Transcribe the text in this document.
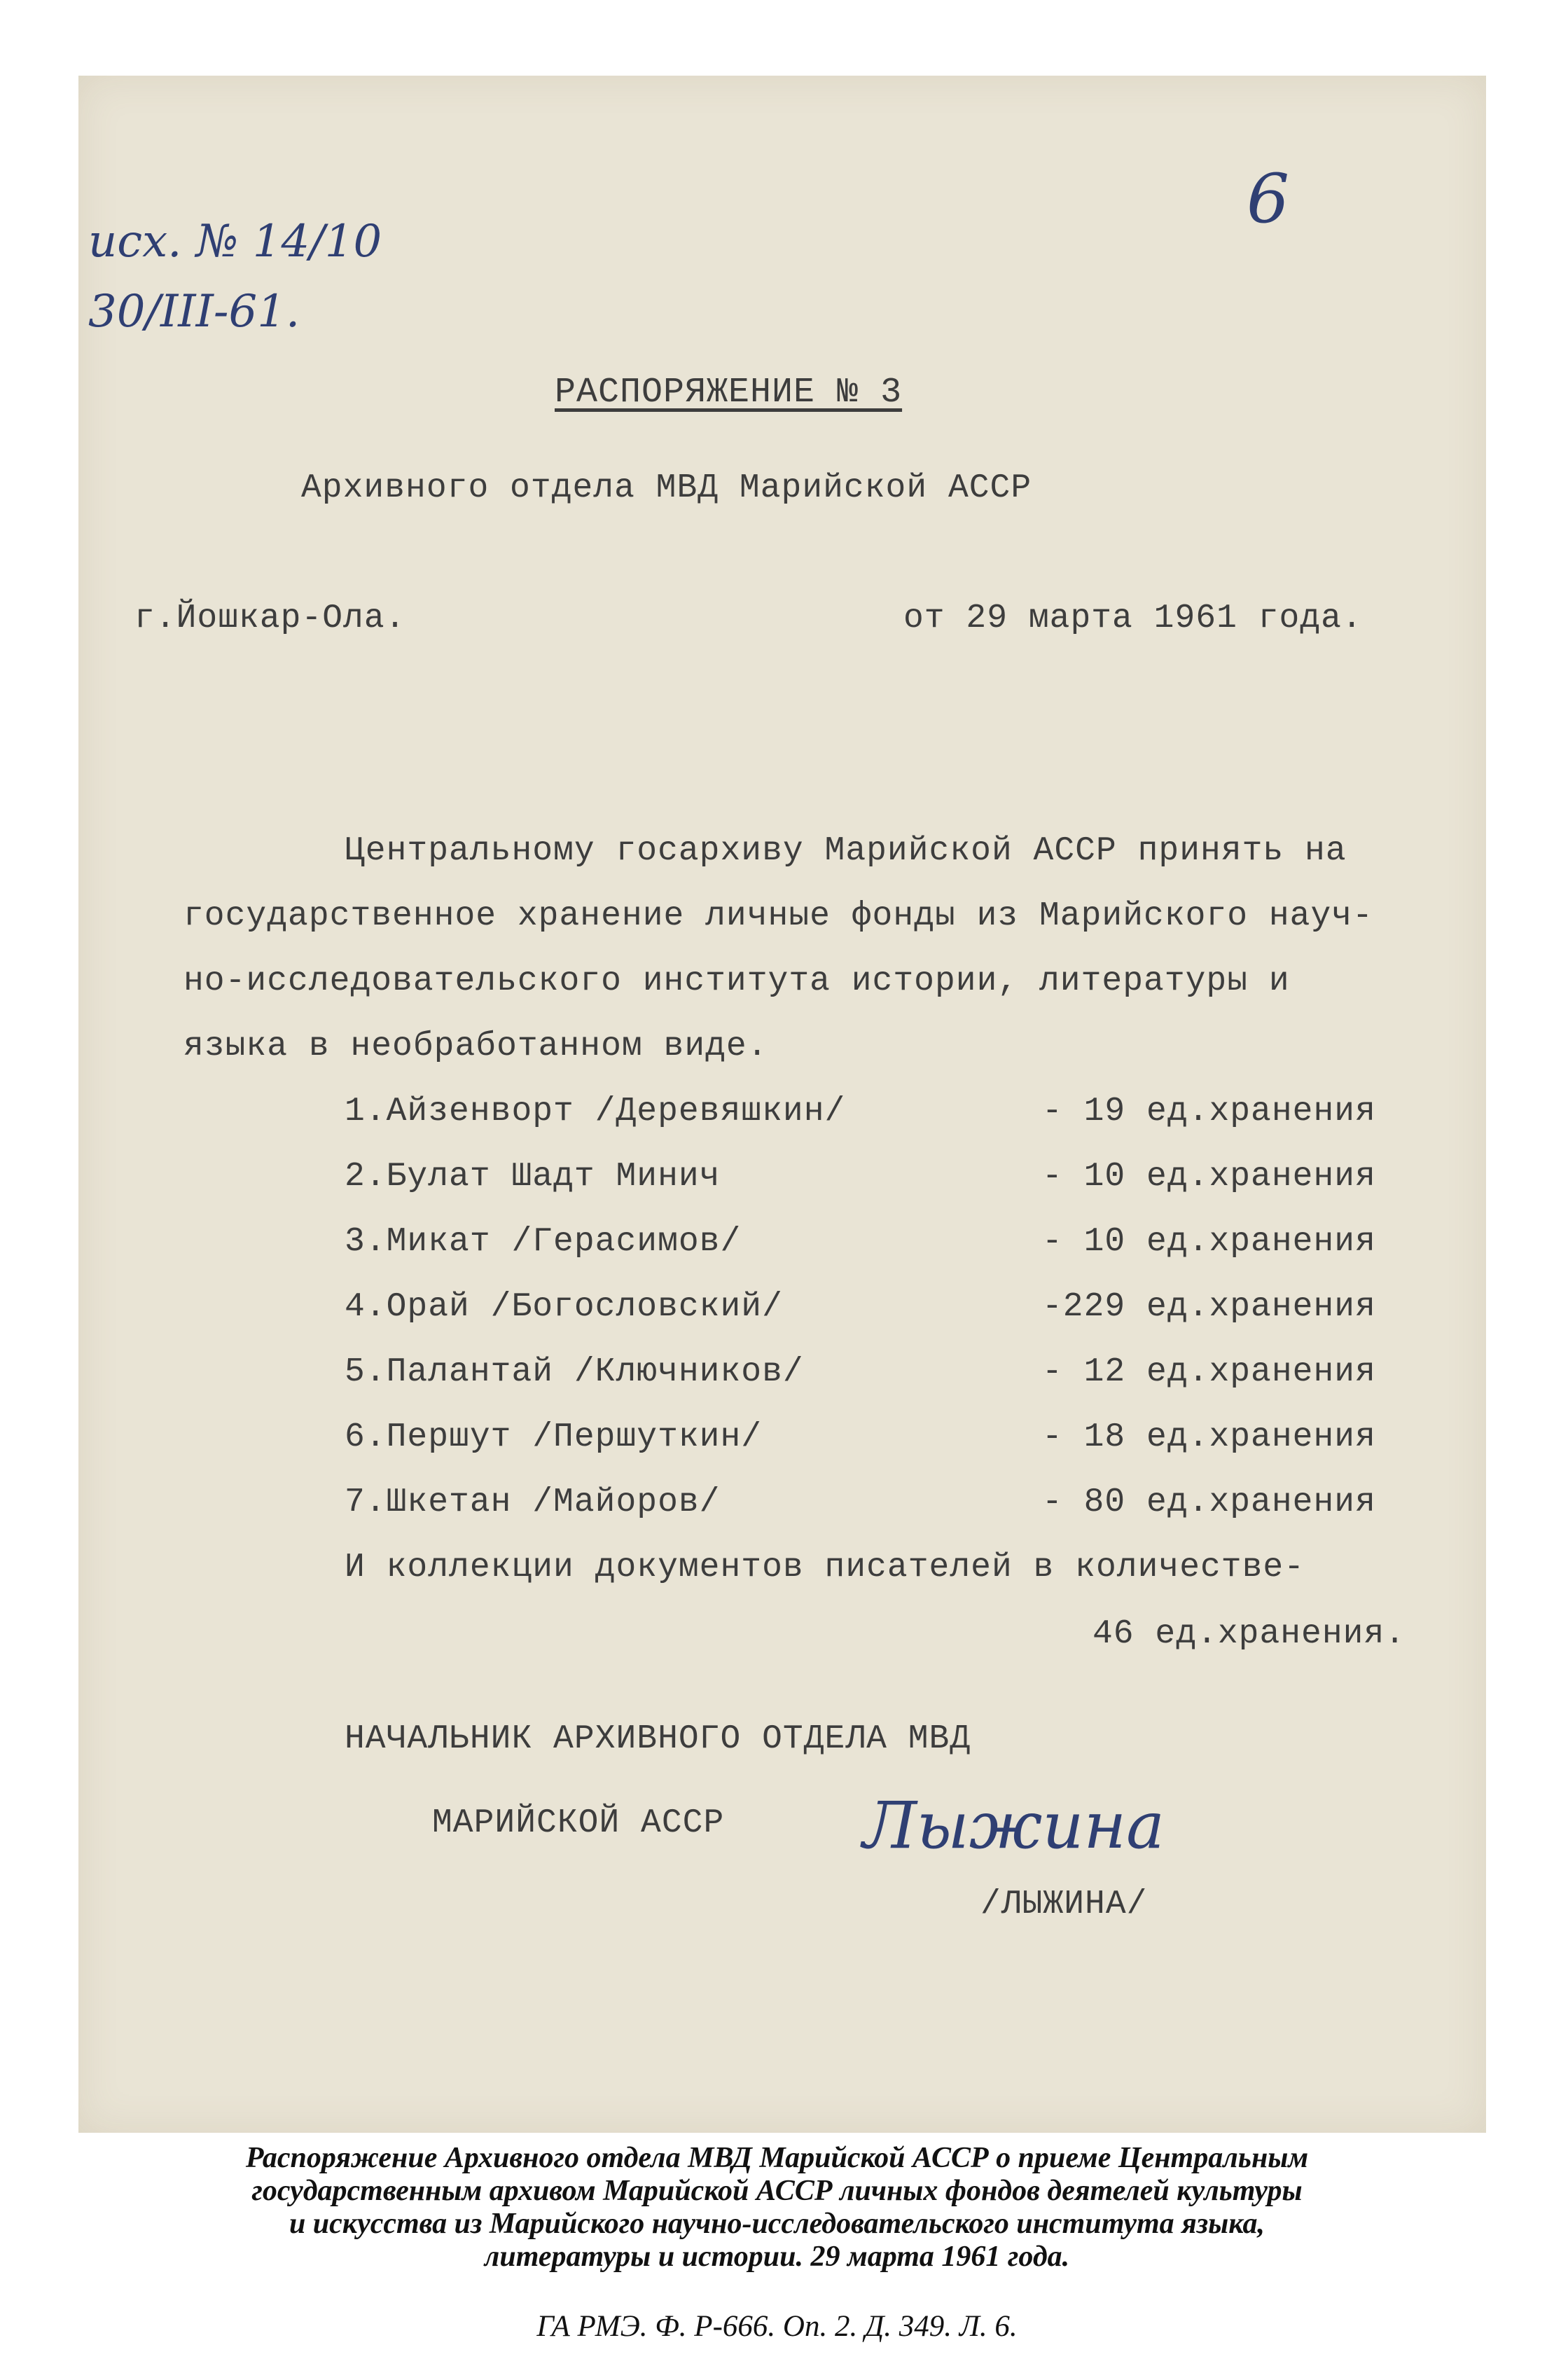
6
исх. № 14/10
30/III-61.
РАСПОРЯЖЕНИЕ № 3
Архивного отдела МВД Марийской АССР
г.Йошкар-Ола.	от 29 марта 1961 года.
Центральному госархиву Марийской АССР принять на
государственное хранение личные фонды из Марийского науч-
но-исследовательского института истории, литературы и
языка в необработанном виде.
1.Айзенворт /Деревяшкин/	- 19 ед.хранения
2.Булат Шадт Минич	- 10 ед.хранения
3.Микат /Герасимов/	- 10 ед.хранения
4.Орай /Богословский/	-229 ед.хранения
5.Палантай /Ключников/	- 12 ед.хранения
6.Першут /Першуткин/	- 18 ед.хранения
7.Шкетан /Майоров/	- 80 ед.хранения
И коллекции документов писателей в количестве-
46 ед.хранения.
НАЧАЛЬНИК АРХИВНОГО ОТДЕЛА МВД
МАРИЙСКОЙ АССР Лыжина
/ЛЫЖИНА/
Распоряжение Архивного отдела МВД Марийской АССР о приеме Центральным
государственным архивом Марийской АССР личных фондов деятелей культуры
и искусства из Марийского научно-исследовательского института языка,
литературы и истории. 29 марта 1961 года.
ГА РМЭ. Ф. Р-666. Оп. 2. Д. 349. Л. 6.
